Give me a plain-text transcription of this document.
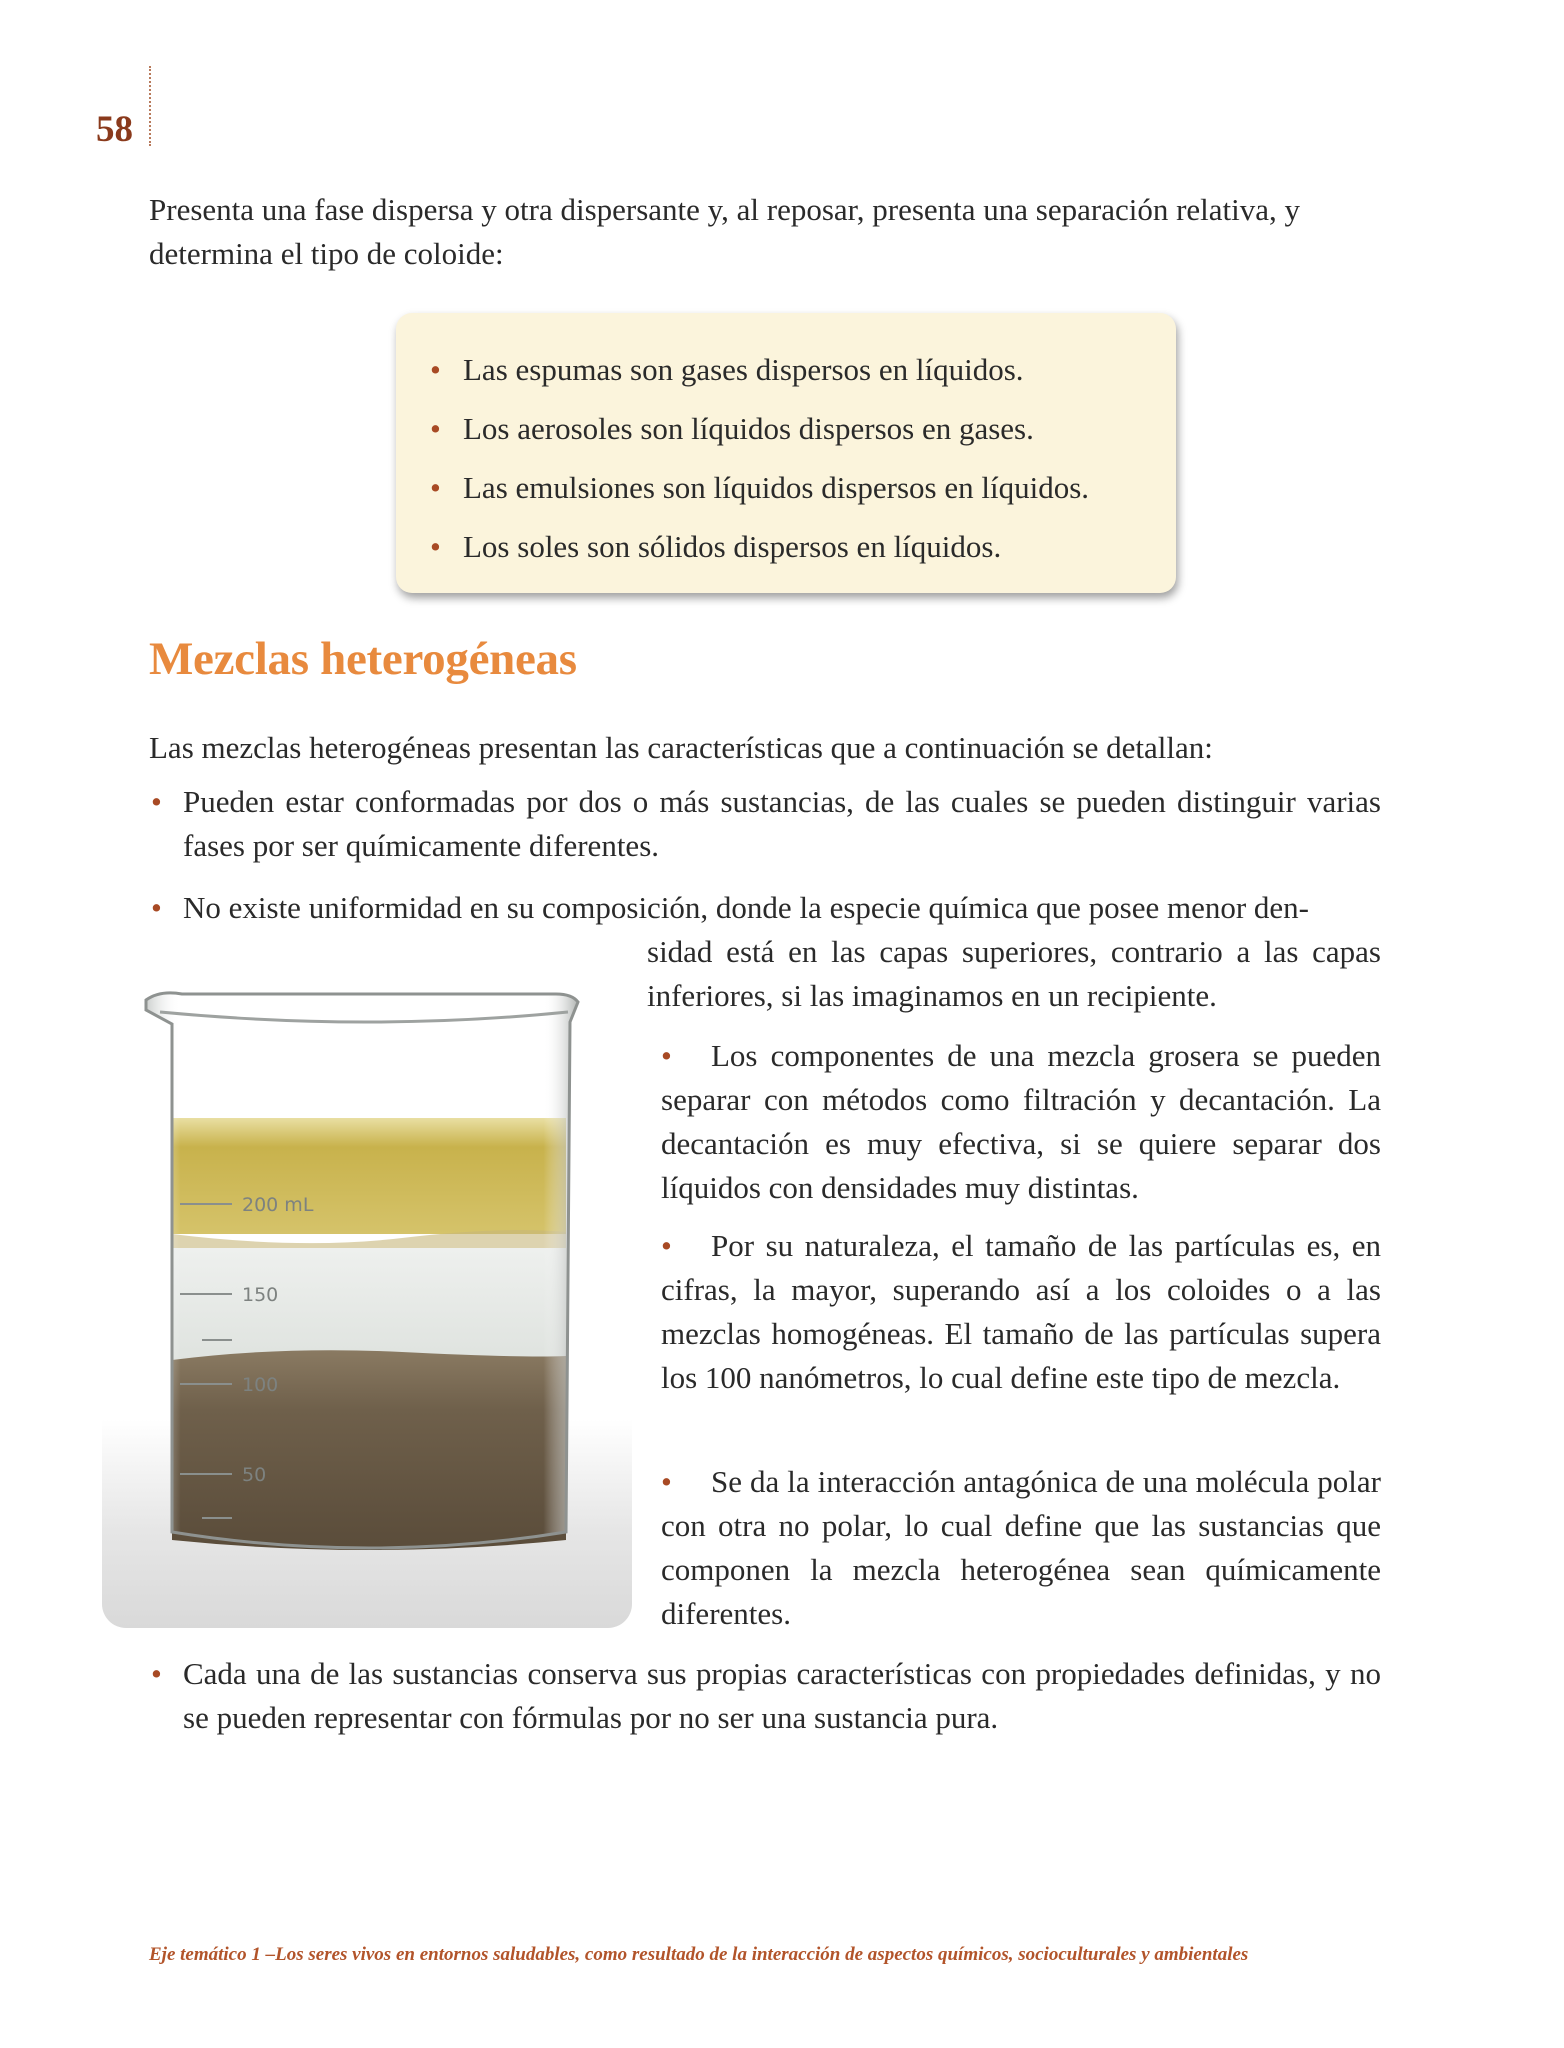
58

Presenta una fase dispersa y otra dispersante y, al reposar, presenta una separación relativa, y determina el tipo de coloide:

• Las espumas son gases dispersos en líquidos.
• Los aerosoles son líquidos dispersos en gases.
• Las emulsiones son líquidos dispersos en líquidos.
• Los soles son sólidos dispersos en líquidos.
Mezclas heterogéneas

Las mezclas heterogéneas presentan las características que a continuación se detallan:

• Pueden estar conformadas por dos o más sustancias, de las cuales se pueden distinguir varias fases por ser químicamente diferentes.

• No existe uniformidad en su composición, donde la especie química que posee menor den-

sidad está en las capas superiores, contrario a las capas inferiores, si las imaginamos en un recipiente.

• Los componentes de una mezcla grosera se pueden separar con métodos como filtración y decantación. La decantación es muy efectiva, si se quiere separar dos líquidos con densidades muy distintas.

• Por su naturaleza, el tamaño de las partículas es, en cifras, la mayor, superando así a los coloides o a las mezclas homogéneas. El tamaño de las partículas supera los 100 nanómetros, lo cual define este tipo de mezcla.

• Se da la interacción antagónica de una molécula polar con otra no polar, lo cual define que las sustancias que componen la mezcla heterogénea sean químicamente diferentes.

• Cada una de las sustancias conserva sus propias características con propiedades definidas, y no se pueden representar con fórmulas por no ser una sustancia pura.

200 mL
150
100
50
Eje temático 1 –Los seres vivos en entornos saludables, como resultado de la interacción de aspectos químicos, socioculturales y ambientales
